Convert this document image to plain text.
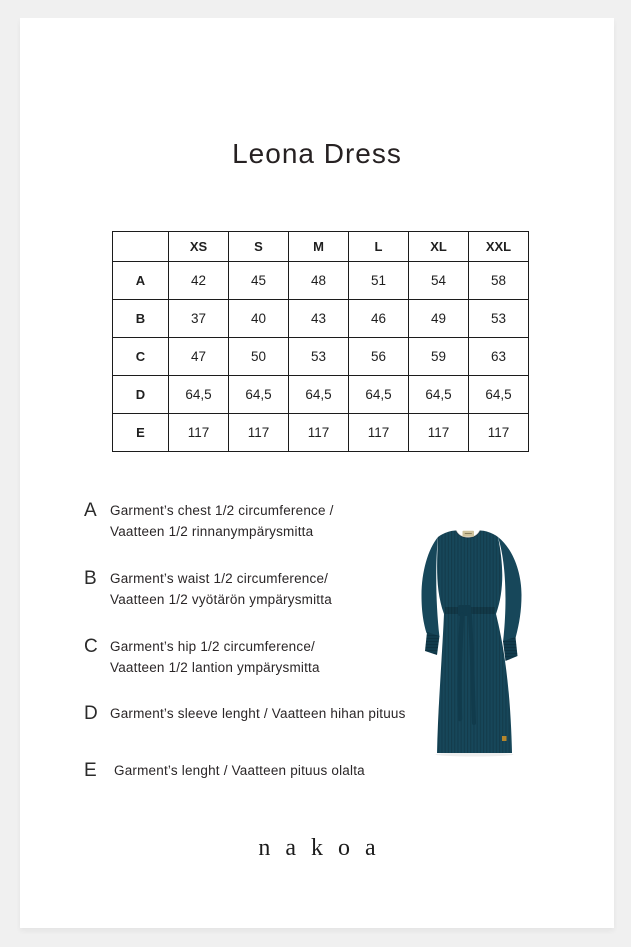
Leona Dress
	XS	S	M	L	XL	XXL
A	42	45	48	51	54	58
B	37	40	43	46	49	53
C	47	50	53	56	59	63
D	64,5	64,5	64,5	64,5	64,5	64,5
E	117	117	117	117	117	117
A Garment’s chest 1/2 circumference /
Vaatteen 1/2 rinnanympärysmitta
B Garment’s waist 1/2 circumference/
Vaatteen 1/2 vyötärön ympärysmitta
C Garment’s hip 1/2 circumference/
Vaatteen 1/2 lantion ympärysmitta
D Garment’s sleeve lenght / Vaatteen hihan pituus
E	Garment’s lenght / Vaatteen pituus olalta
nakoa
